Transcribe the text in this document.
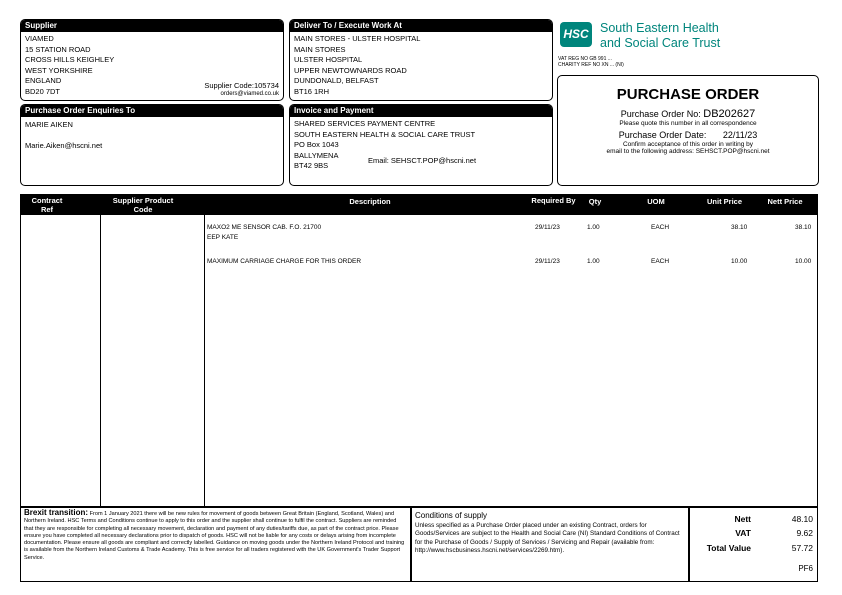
Supplier
VIAMED
15 STATION ROAD
CROSS HILLS KEIGHLEY
WEST YORKSHIRE
ENGLAND
BD20 7DT
Supplier Code:105734
orders@viamed.co.uk
Deliver To / Execute Work At
MAIN STORES - ULSTER HOSPITAL
MAIN STORES
ULSTER HOSPITAL
UPPER NEWTOWNARDS ROAD
DUNDONALD, BELFAST
BT16 1RH
Purchase Order Enquiries To
MARIE AIKEN
Marie.Aiken@hscni.net
Invoice and Payment
SHARED SERVICES PAYMENT CENTRE
SOUTH EASTERN HEALTH & SOCIAL CARE TRUST
PO Box 1043
BALLYMENA
BT42 9BS
Email: SEHSCT.POP@hscni.net
HSC South Eastern Health
and Social Care Trust
VAT REG NO GB 991 ...
CHARITY REF NO XN ... (NI)
PURCHASE ORDER
Purchase Order No: DB202627
Please quote this number in all correspondence
Purchase Order Date: 22/11/23
Confirm acceptance of this order in writing by
email to the following address: SEHSCT.POP@hscni.net
Contract Ref
Supplier Product Code
Description	Required By	Qty	UOM	Unit Price	Nett Price
MAXO2 ME SENSOR CAB. F.O. 21700
EEP KATE
29/11/23	1.00	EACH	38.10	38.10
MAXIMUM CARRIAGE CHARGE FOR THIS ORDER	29/11/23	1.00	EACH	10.00	10.00
Brexit transition: From 1 January 2021 there will be new rules for movement of goods between Great Britain (England, Scotland, Wales) and Northern Ireland. HSC Terms and Conditions continue to apply to this order and the supplier shall continue to fulfil the contract. Suppliers are reminded that they are responsible for completing all necessary movement, declaration and payment of any duties/tariffs due, as part of the contract price. Please ensure you have completed all necessary declarations prior to dispatch of goods. HSC will not be liable for any costs or delays arising from incomplete documentation. Please ensure all goods are compliant and correctly labelled. Guidance on moving goods under the Northern Ireland Protocol and training is available from the Northern Ireland Customs & Trade Academy. This is free service for all traders registered with the UK Government's Trader Support Service.
Conditions of supply
Unless specified as a Purchase Order placed under an existing Contract, orders for Goods/Services are subject to the Health and Social Care (NI) Standard Conditions of Contract for the Purchase of Goods / Supply of Services / Servicing and Repair (available from: http://www.hscbusiness.hscni.net/services/2269.htm).
Nett	48.10
VAT	9.62
Total Value	57.72
PF6
